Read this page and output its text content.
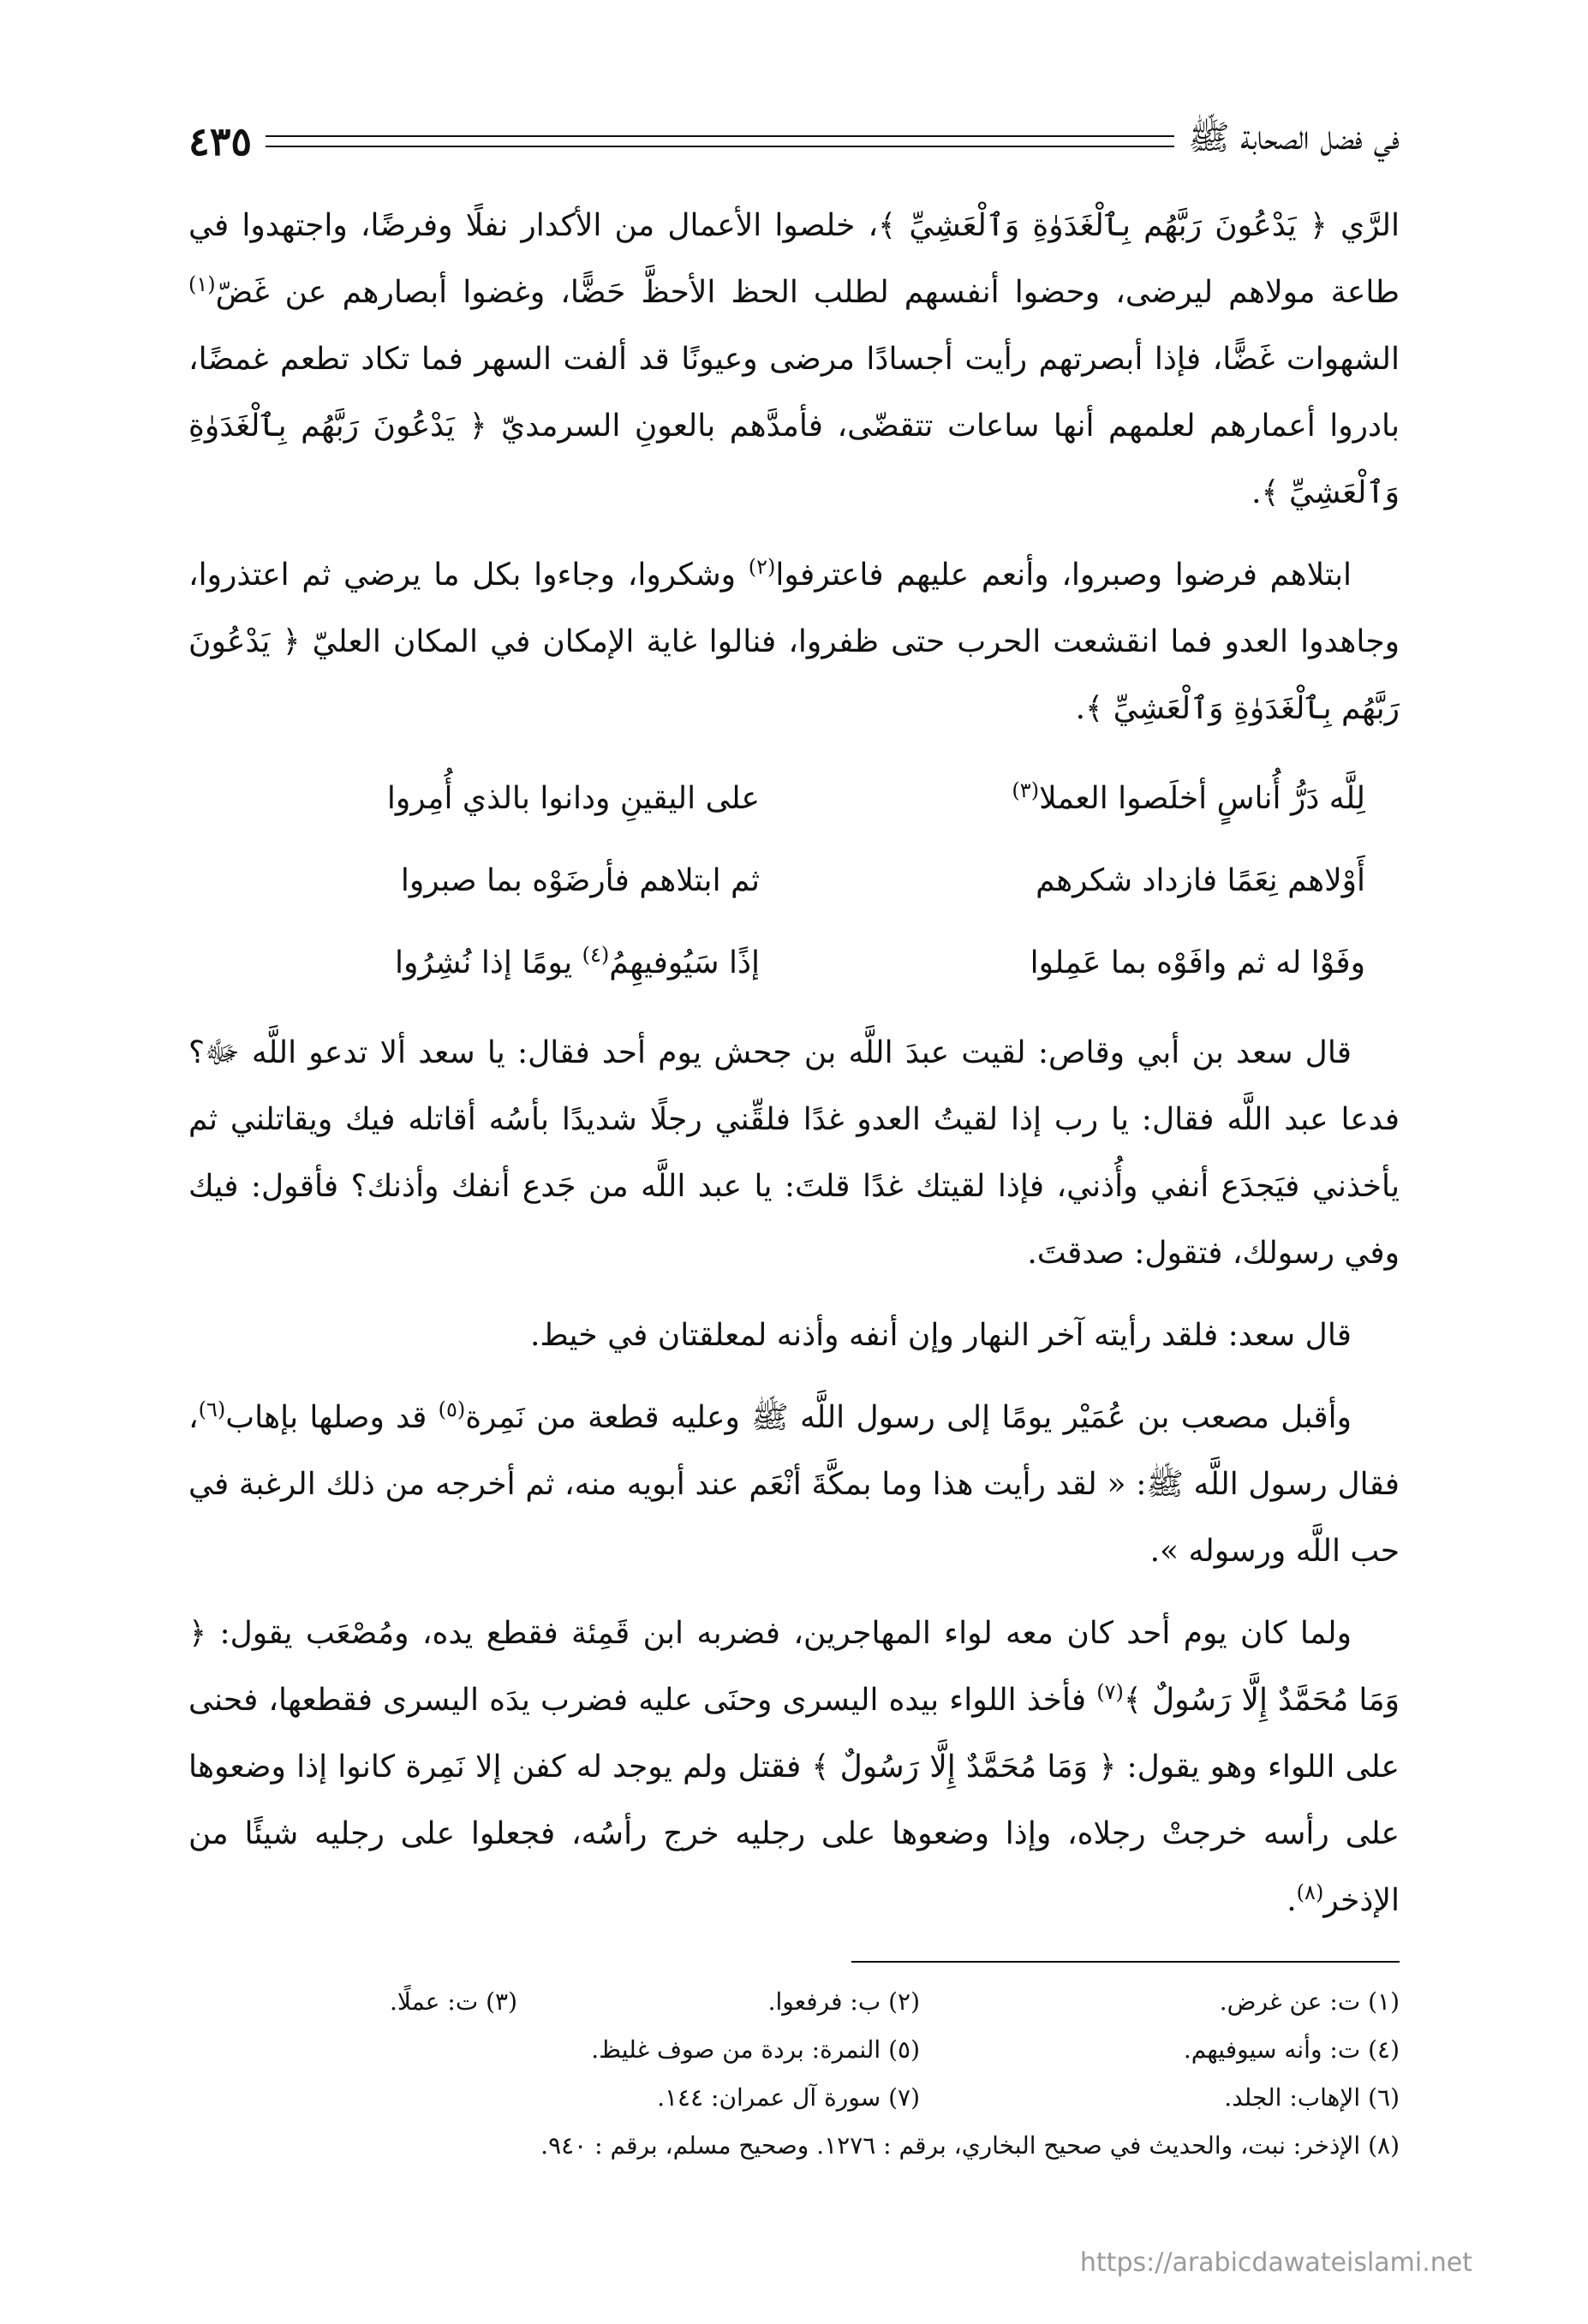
في فضل الصحابة ﷺ
٤٣٥

الرَّي ﴿ يَدْعُونَ رَبَّهُم بِٱلْغَدَوٰةِ وَٱلْعَشِيِّ ﴾، خلصوا الأعمال من الأكدار نفلًا وفرضًا، واجتهدوا في طاعة مولاهم ليرضى، وحضوا أنفسهم لطلب الحظ الأحظَّ حَضًّا، وغضوا أبصارهم عن غَضّ$^{(١)}$ الشهوات غَضًّا، فإذا أبصرتهم رأيت أجسادًا مرضى وعيونًا قد ألفت السهر فما تكاد تطعم غمضًا، بادروا أعمارهم لعلمهم أنها ساعات تتقضّى، فأمدَّهم بالعونِ السرمديّ ﴿ يَدْعُونَ رَبَّهُم بِٱلْغَدَوٰةِ وَٱلْعَشِيِّ ﴾.

ابتلاهم فرضوا وصبروا، وأنعم عليهم فاعترفوا$^{(٢)}$ وشكروا، وجاءوا بكل ما يرضي ثم اعتذروا، وجاهدوا العدو فما انقشعت الحرب حتى ظفروا، فنالوا غاية الإمكان في المكان العليّ ﴿ يَدْعُونَ رَبَّهُم بِٱلْغَدَوٰةِ وَٱلْعَشِيِّ ﴾.

لِلَّه دَرُّ أُناسٍ أخلَصوا العملا$^{(٣)}$
على اليقينِ ودانوا بالذي أُمِروا
أَوْلاهم نِعَمًا فازداد شكرهم
ثم ابتلاهم فأرضَوْه بما صبروا
وفَوْا له ثم وافَوْه بما عَمِلوا
إذًا سَيُوفيهِمُ$^{(٤)}$ يومًا إذا نُشِرُوا

قال سعد بن أبي وقاص: لقيت عبدَ اللَّه بن جحش يوم أحد فقال: يا سعد ألا تدعو اللَّه ﷻ؟ فدعا عبد اللَّه فقال: يا رب إذا لقيتُ العدو غدًا فلقِّني رجلًا شديدًا بأسُه أقاتله فيك ويقاتلني ثم يأخذني فيَجدَع أنفي وأُذني، فإذا لقيتك غدًا قلتَ: يا عبد اللَّه من جَدع أنفك وأذنك؟ فأقول: فيك وفي رسولك، فتقول: صدقتَ.

قال سعد: فلقد رأيته آخر النهار وإن أنفه وأذنه لمعلقتان في خيط.

وأقبل مصعب بن عُمَيْر يومًا إلى رسول اللَّه ﷺ وعليه قطعة من نَمِرة$^{(٥)}$ قد وصلها بإهاب$^{(٦)}$، فقال رسول اللَّه ﷺ: « لقد رأيت هذا وما بمكَّةَ أنْعَم عند أبويه منه، ثم أخرجه من ذلك الرغبة في حب اللَّه ورسوله ».

ولما كان يوم أحد كان معه لواء المهاجرين، فضربه ابن قَمِئة فقطع يده، ومُصْعَب يقول: ﴿ وَمَا مُحَمَّدٌ إِلَّا رَسُولٌ ﴾$^{(٧)}$ فأخذ اللواء بيده اليسرى وحنَى عليه فضرب يدَه اليسرى فقطعها، فحنى على اللواء وهو يقول: ﴿ وَمَا مُحَمَّدٌ إِلَّا رَسُولٌ ﴾ فقتل ولم يوجد له كفن إلا نَمِرة كانوا إذا وضعوها على رأسه خرجتْ رجلاه، وإذا وضعوها على رجليه خرج رأسُه، فجعلوا على رجليه شيئًا من الإذخر$^{(٨)}$.

(١) ت: عن غرض.
(٢) ب: فرفعوا.
(٣) ت: عملًا.
(٤) ت: وأنه سيوفيهم.
(٥) النمرة: بردة من صوف غليظ.
(٦) الإهاب: الجلد.
(٧) سورة آل عمران: ١٤٤.
(٨) الإذخر: نبت، والحديث في صحيح البخاري، برقم : ١٢٧٦. وصحيح مسلم، برقم : ٩٤٠.
https://arabicdawateislami.net
